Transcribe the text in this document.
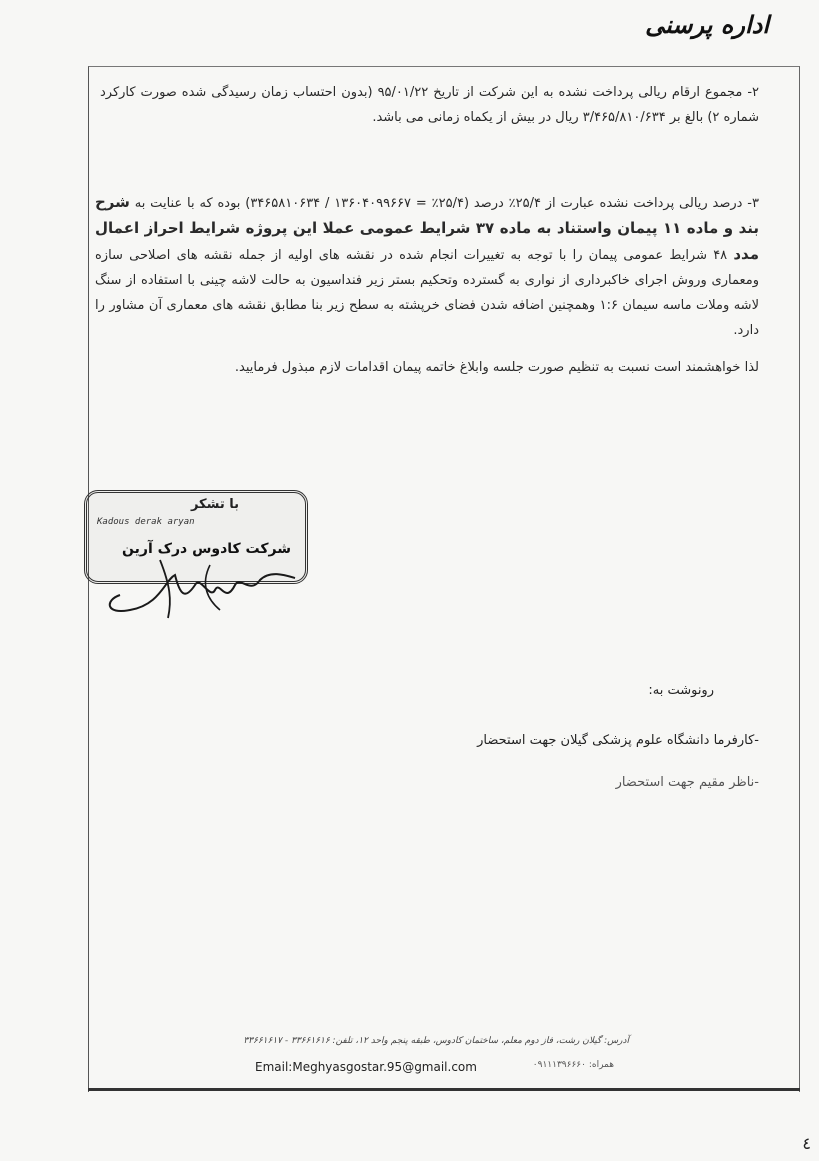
اداره پرسنی
۲- مجموع ارقام ریالی پرداخت نشده به این شرکت از تاریخ ۹۵/۰۱/۲۲ (بدون احتساب زمان رسیدگی شده صورت کارکرد شماره ۲) بالغ بر ۳/۴۶۵/۸۱۰/۶۳۴ ریال در بیش از یکماه زمانی می باشد.
۳- درصد ریالی پرداخت نشده عبارت از ۲۵/۴٪ درصد (۲۵/۴٪ = ۱۳۶۰۴۰۹۹۶۶۷ / ۳۴۶۵۸۱۰۶۳۴) بوده که با عنایت به شرح بند و ماده ۱۱ پیمان واستناد به ماده ۳۷ شرایط عمومی عملا این پروژه شرایط احراز اعمال مدد ۴۸ شرایط عمومی پیمان را با توجه به تغییرات انجام شده در نقشه های اولیه از جمله نقشه های اصلاحی سازه ومعماری وروش اجرای خاکبرداری از نواری به گسترده وتحکیم بستر زیر فنداسیون به حالت لاشه چینی با استفاده از سنگ لاشه وملات ماسه سیمان ۱:۶ وهمچنین اضافه شدن فضای خرپشته به سطح زیر بنا مطابق نقشه های معماری آن مشاور را دارد.
لذا خواهشمند است نسبت به تنظیم صورت جلسه وابلاغ خاتمه پیمان اقدامات لازم مبذول فرمایید.
با تشکر
Kadous derak aryan
شرکت کادوس درک آرین
رونوشت به:
-کارفرما دانشگاه علوم پزشکی گیلان جهت استحضار
-ناظر مقیم جهت استحضار
آدرس: گیلان رشت، فاز دوم معلم، ساختمان کادوس، طبقه پنجم واحد ۱۲، تلفن: ۳۳۶۶۱۶۱۶ - ۳۳۶۶۱۶۱۷
Email:Meghyasgostar.95@gmail.com	همراه: ۰۹۱۱۱۳۹۶۶۶۰
٤
